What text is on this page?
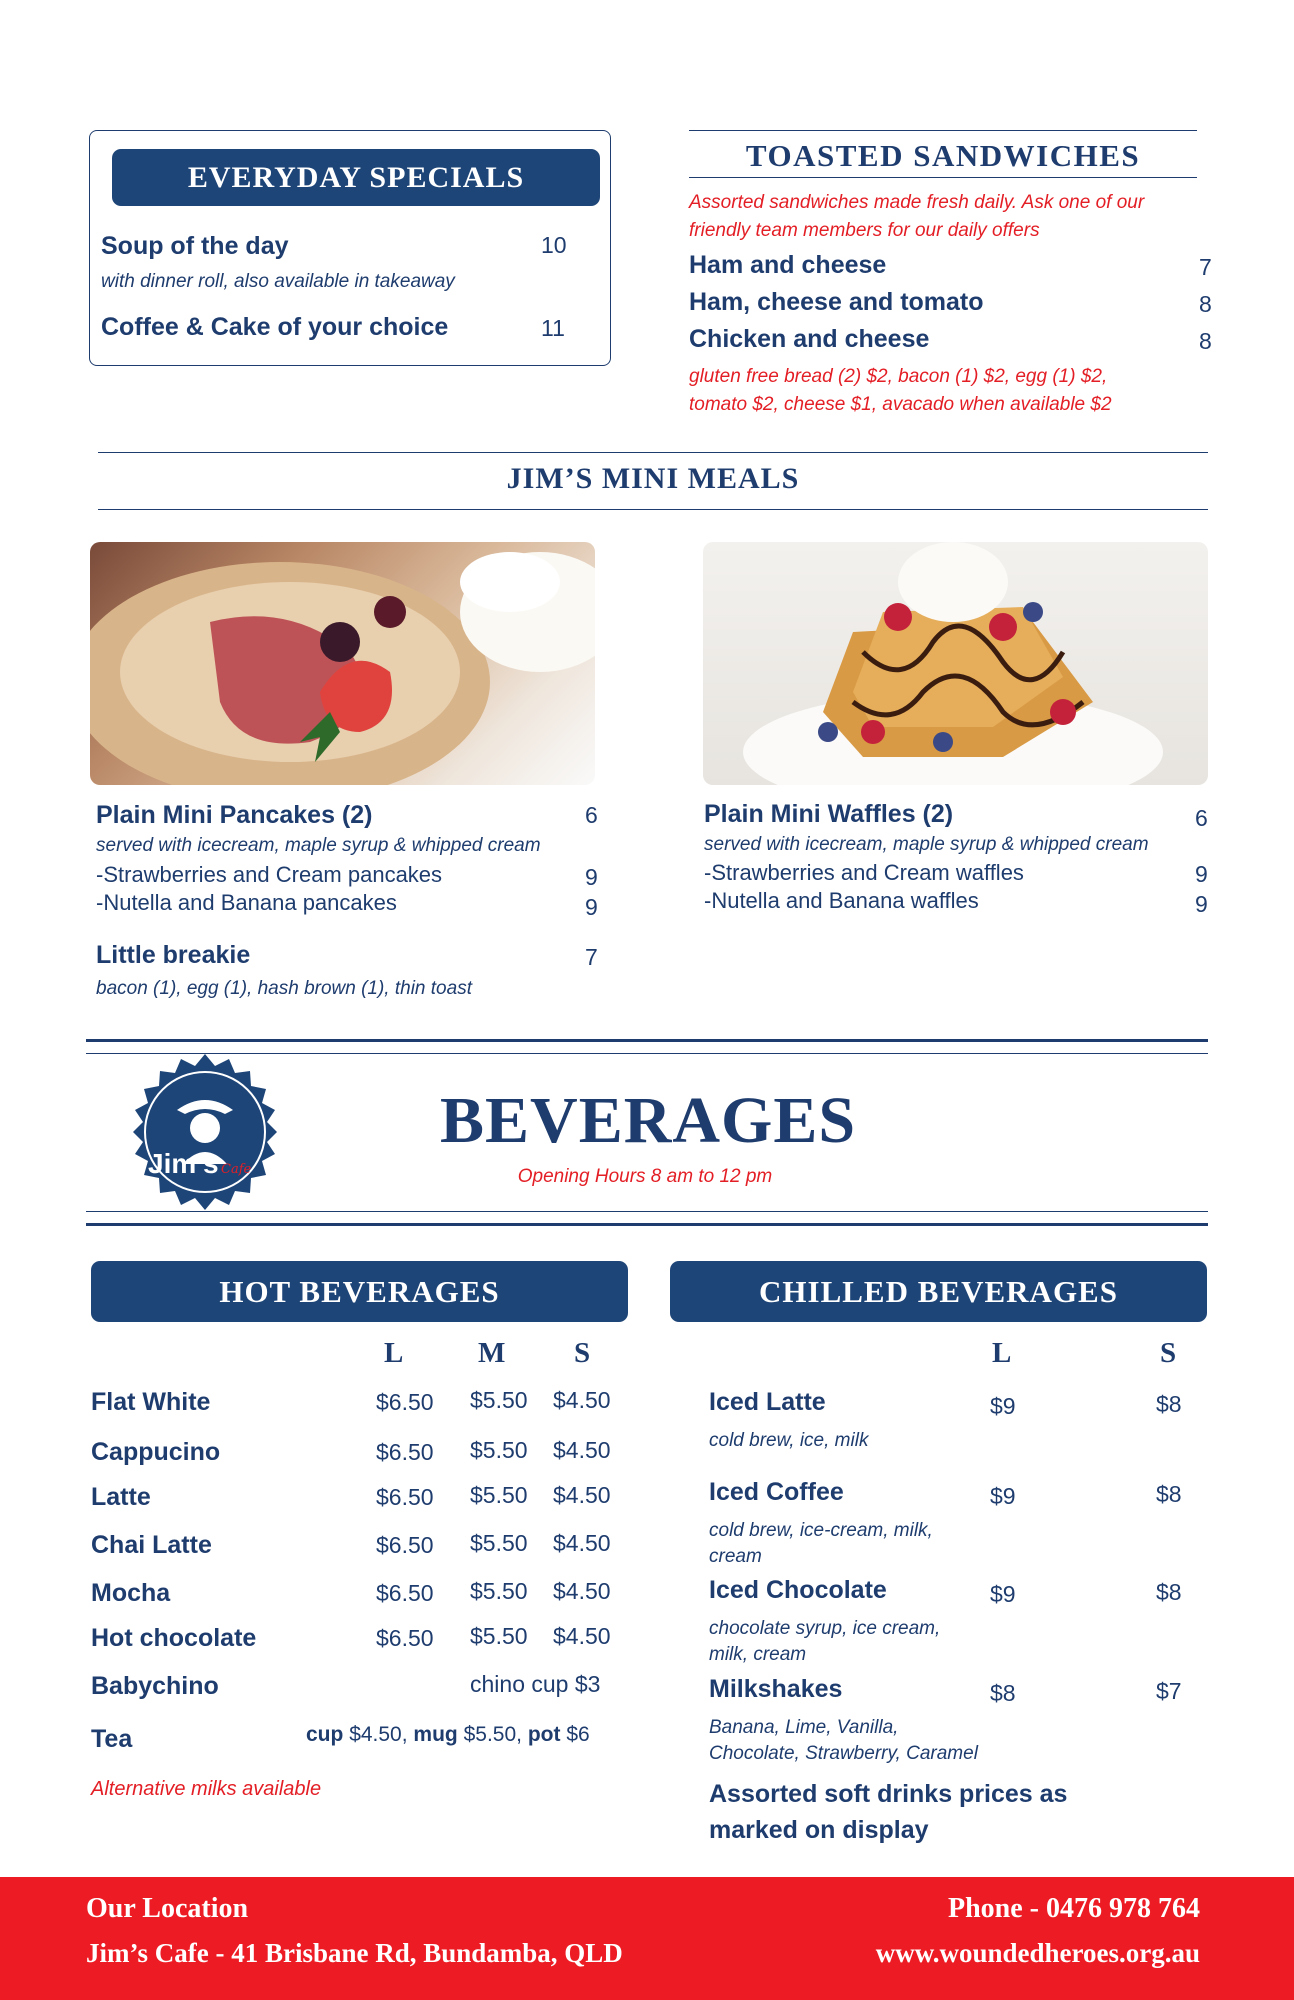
EVERYDAY SPECIALS
Soup of the day	10
with dinner roll, also available in takeaway
Coffee & Cake of your choice	11
TOASTED SANDWICHES
Assorted sandwiches made fresh daily. Ask one of our
friendly team members for our daily offers
Ham and cheese	7
Ham, cheese and tomato	8
Chicken and cheese	8
gluten free bread (2) $2, bacon (1) $2, egg (1) $2,
tomato $2, cheese $1, avacado when available $2
JIM’S MINI MEALS
Plain Mini Pancakes (2)	6
served with icecream, maple syrup & whipped cream
-Strawberries and Cream pancakes	9
-Nutella and Banana pancakes	9
Little breakie	7
bacon (1), egg (1), hash brown (1), thin toast
Plain Mini Waffles (2)	6
served with icecream, maple syrup & whipped cream
-Strawberries and Cream waffles	9
-Nutella and Banana waffles	9
Jim’s Cafe
BEVERAGES
Opening Hours 8 am to 12 pm
HOT BEVERAGES
L	M S
Flat White	$6.50 $5.50 $4.50
Cappucino	$6.50 $5.50 $4.50
Latte	$6.50 $5.50 $4.50
Chai Latte	$6.50 $5.50 $4.50
Mocha	$6.50 $5.50 $4.50
Hot chocolate	$6.50 $5.50 $4.50
Babychino	chino cup $3
Tea	cup $4.50, mug $5.50, pot $6
Alternative milks available
CHILLED BEVERAGES
L	S
Iced Latte	$9	$8
cold brew, ice, milk
Iced Coffee	$9	$8
cold brew, ice-cream, milk,
cream
Iced Chocolate	$9	$8
chocolate syrup, ice cream,
milk, cream
Milkshakes	$8	$7
Banana, Lime, Vanilla,
Chocolate, Strawberry, Caramel
Assorted soft drinks prices as
marked on display
Our Location
Jim’s Cafe - 41 Brisbane Rd, Bundamba, QLD
Phone - 0476 978 764
www.woundedheroes.org.au
